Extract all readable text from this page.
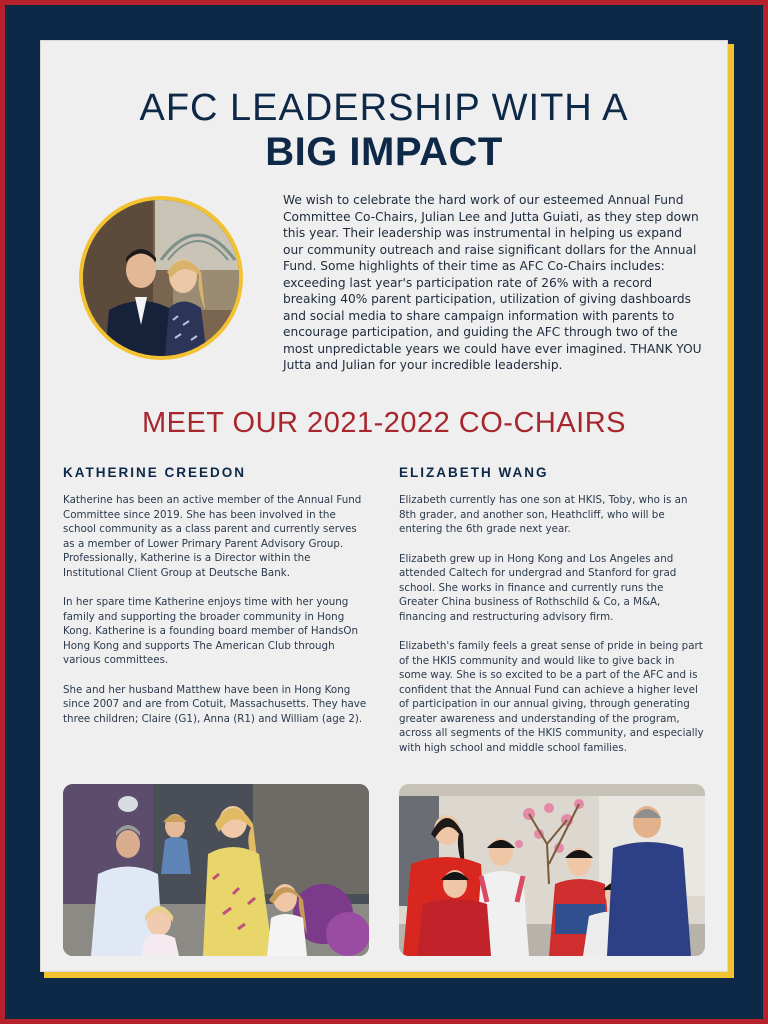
AFC LEADERSHIP WITH A
BIG IMPACT
We wish to celebrate the hard work of our esteemed Annual Fund Committee Co-Chairs, Julian Lee and Jutta Guiati, as they step down this year. Their leadership was instrumental in helping us expand our community outreach and raise significant dollars for the Annual Fund. Some highlights of their time as AFC Co-Chairs includes: exceeding last year's participation rate of 26% with a record breaking 40% parent participation, utilization of giving dashboards and social media to share campaign information with parents to encourage participation, and guiding the AFC through two of the most unpredictable years we could have ever imagined. THANK YOU Jutta and Julian for your incredible leadership.
MEET OUR 2021-2022 CO-CHAIRS
KATHERINE CREEDON

Katherine has been an active member of the Annual Fund Committee since 2019. She has been involved in the school community as a class parent and currently serves as a member of Lower Primary Parent Advisory Group. Professionally, Katherine is a Director within the Institutional Client Group at Deutsche Bank.

In her spare time Katherine enjoys time with her young family and supporting the broader community in Hong Kong. Katherine is a founding board member of HandsOn Hong Kong and supports The American Club through various committees.

She and her husband Matthew have been in Hong Kong since 2007 and are from Cotuit, Massachusetts. They have three children; Claire (G1), Anna (R1) and William (age 2).

ELIZABETH WANG

Elizabeth currently has one son at HKIS, Toby, who is an 8th grader, and another son, Heathcliff, who will be entering the 6th grade next year.

Elizabeth grew up in Hong Kong and Los Angeles and attended Caltech for undergrad and Stanford for grad school. She works in finance and currently runs the Greater China business of Rothschild & Co, a M&A, financing and restructuring advisory firm.

Elizabeth's family feels a great sense of pride in being part of the HKIS community and would like to give back in some way. She is so excited to be a part of the AFC and is confident that the Annual Fund can achieve a higher level of participation in our annual giving, through generating greater awareness and understanding of the program, across all segments of the HKIS community, and especially with high school and middle school families.
